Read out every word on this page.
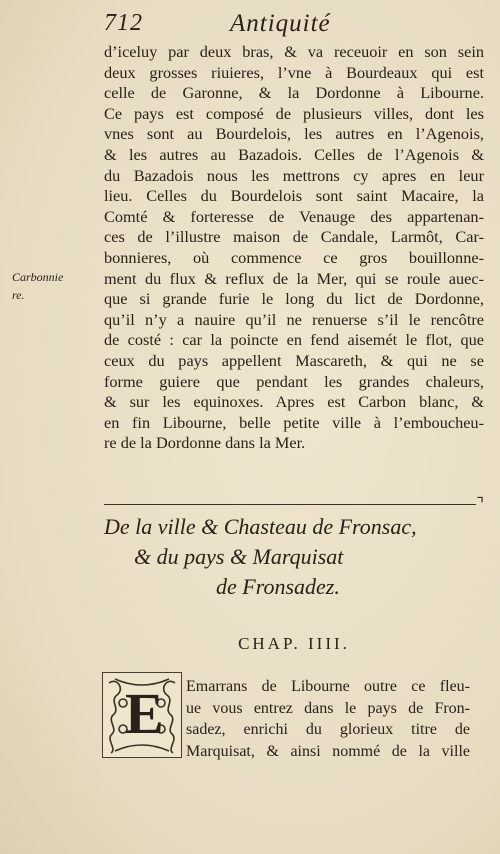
712	Antiquité
Carbonnie
re.
d’iceluy par deux bras, & va receuoir en son sein
deux grosses riuieres, l’vne à Bourdeaux qui est
celle de Garonne, & la Dordonne à Libourne.
Ce pays est composé de plusieurs villes, dont les
vnes sont au Bourdelois, les autres en l’Agenois,
& les autres au Bazadois. Celles de l’Agenois &
du Bazadois nous les mettrons cy apres en leur
lieu. Celles du Bourdelois sont saint Macaire, la
Comté & forteresse de Venauge des appartenan-
ces de l’illustre maison de Candale, Larmôt, Car-
bonnieres, où commence ce gros bouillonne-
ment du flux & reflux de la Mer, qui se roule auec-
que si grande furie le long du lict de Dordonne,
qu’il n’y a nauire qu’il ne renuerse s’il le rencôtre
de costé : car la poincte en fend aisemét le flot, que
ceux du pays appellent Mascareth, & qui ne se
forme guiere que pendant les grandes chaleurs,
& sur les equinoxes. Apres est Carbon blanc, &
en fin Libourne, belle petite ville à l’embouchеu-
re de la Dordonne dans la Mer.
⌝
De la ville & Chasteau de Fronsac,
& du pays & Marquisat
de Fronsadez.
CHAP. IIII.
E Emarrans de Libourne outre ce fleu-
ue vous entrez dans le pays de Fron-
sadez, enrichi du glorieux titre de
Marquisat, & ainsi nommé de la ville
